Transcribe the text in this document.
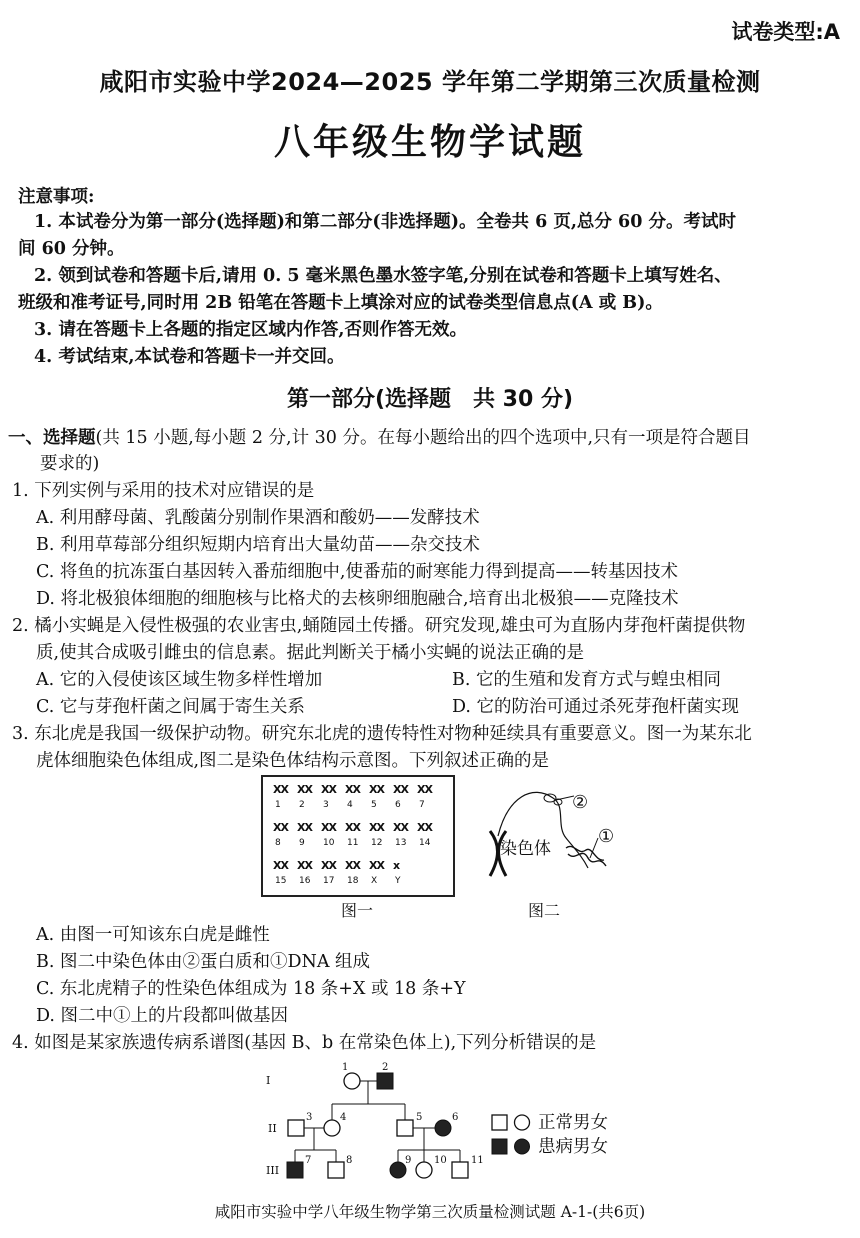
试卷类型:A
咸阳市实验中学2024—2025 学年第二学期第三次质量检测
八年级生物学试题
注意事项:
1. 本试卷分为第一部分(选择题)和第二部分(非选择题)。全卷共 6 页,总分 60 分。考试时
间 60 分钟。
2. 领到试卷和答题卡后,请用 0. 5 毫米黑色墨水签字笔,分别在试卷和答题卡上填写姓名、
班级和准考证号,同时用 2B 铅笔在答题卡上填涂对应的试卷类型信息点(A 或 B)。
3. 请在答题卡上各题的指定区域内作答,否则作答无效。
4. 考试结束,本试卷和答题卡一并交回。
第一部分(选择题　共 30 分)
一、选择题(共 15 小题,每小题 2 分,计 30 分。在每小题给出的四个选项中,只有一项是符合题目
要求的)
1. 下列实例与采用的技术对应错误的是
A. 利用酵母菌、乳酸菌分别制作果酒和酸奶——发酵技术
B. 利用草莓部分组织短期内培育出大量幼苗——杂交技术
C. 将鱼的抗冻蛋白基因转入番茄细胞中,使番茄的耐寒能力得到提高——转基因技术
D. 将北极狼体细胞的细胞核与比格犬的去核卵细胞融合,培育出北极狼——克隆技术
2. 橘小实蝇是入侵性极强的农业害虫,蛹随园土传播。研究发现,雄虫可为直肠内芽孢杆菌提供物
质,使其合成吸引雌虫的信息素。据此判断关于橘小实蝇的说法正确的是
A. 它的入侵使该区域生物多样性增加	B. 它的生殖和发育方式与蝗虫相同
C. 它与芽孢杆菌之间属于寄生关系	D. 它的防治可通过杀死芽孢杆菌实现
3. 东北虎是我国一级保护动物。研究东北虎的遗传特性对物种延续具有重要意义。图一为某东北
虎体细胞染色体组成,图二是染色体结构示意图。下列叙述正确的是
XX
1
XX
2
XX
3
XX
4
XX
5
XX
6
XX
7
XX
8
XX
9
XX
10
XX
11
XX
12
XX
13
XX
14
XX
15
XX
16
XX
17
XX
18
XX
X
x
Y
图一
染色体
②
①
图二
A. 由图一可知该东白虎是雌性
B. 图二中染色体由②蛋白质和①DNA 组成
C. 东北虎精子的性染色体组成为 18 条+X 或 18 条+Y
D. 图二中①上的片段都叫做基因
4. 如图是某家族遗传病系谱图(基因 B、b 在常染色体上),下列分析错误的是
I
II
III
1	2
3	4	5	6
7	8	9 10 11
正常男女
患病男女
咸阳市实验中学八年级生物学第三次质量检测试题 A-1-(共6页)
